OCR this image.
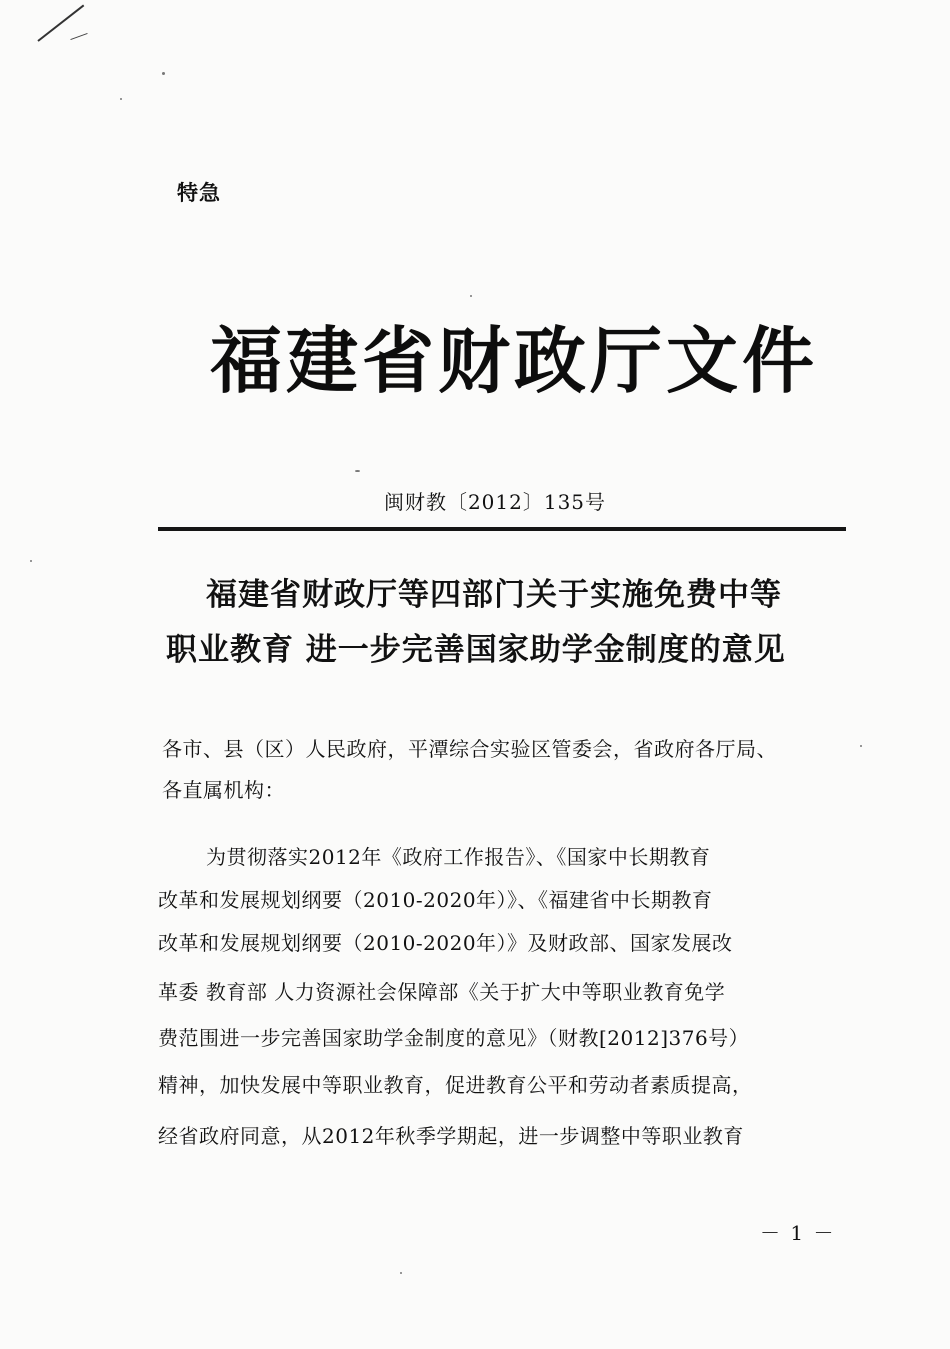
特急
福建省财政厅文件
闽财教〔2012〕135号
福建省财政厅等四部门关于实施免费中等
职业教育 进一步完善国家助学金制度的意见
各市、县（区）人民政府，平潭综合实验区管委会，省政府各厅局、
各直属机构：
为贯彻落实2012年《政府工作报告》、《国家中长期教育
改革和发展规划纲要（2010-2020年）》、《福建省中长期教育
改革和发展规划纲要（2010-2020年）》及财政部、国家发展改
革委 教育部 人力资源社会保障部《关于扩大中等职业教育免学
费范围进一步完善国家助学金制度的意见》（财教[2012]376号）
精神，加快发展中等职业教育，促进教育公平和劳动者素质提高，
经省政府同意，从2012年秋季学期起，进一步调整中等职业教育
－ 1 －
